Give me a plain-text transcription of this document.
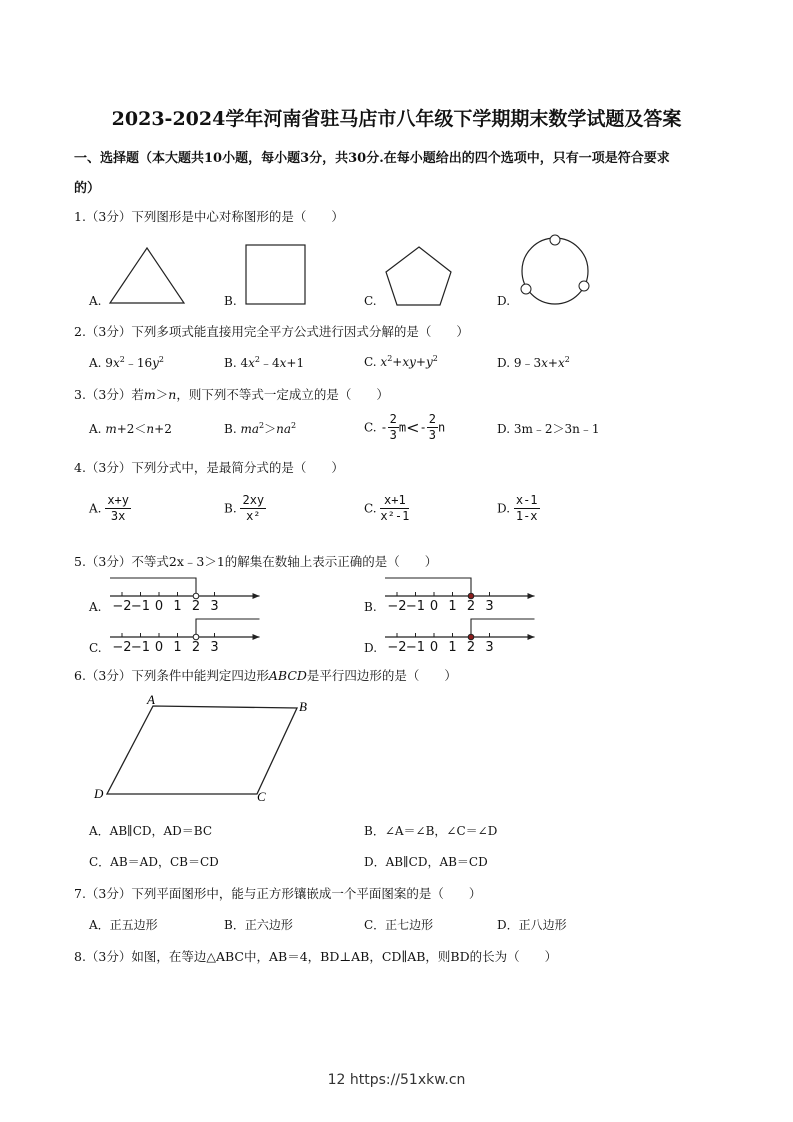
2023-2024学年河南省驻马店市八年级下学期期末数学试题及答案
一、选择题（本大题共10小题，每小题3分，共30分.在每小题给出的四个选项中，只有一项是符合要求
的）
1.（3分）下列图形是中心对称图形的是（　　）
A.	B.	C.	D.
2.（3分）下列多项式能直接用完全平方公式进行因式分解的是（　　）
A. $9x^2﹣16y^2$	B. $4x^2﹣4x+1$	C. $x^2+xy+y^2$	D. $9﹣3x+x^2$
3.（3分）若m＞n，则下列不等式一定成立的是（　　）
A. m+2＜n+2	B. $ma^2>na^2$	C. - $\frac{2}{3} m<- \frac{2}{3}$ n	D. 3m﹣2＞3n﹣1
4.（3分）下列分式中，是最简分式的是（　　）
A. $\frac{x+y}{3x}$	B. $\frac{2xy}{\text{x²}}$	C. $\frac{x+1}{\text{x²-1}}$	D. $\frac{x-1}{1-x}$
5.（3分）不等式2x﹣3＞1的解集在数轴上表示正确的是（　　）
A.	B.
C.	D.
−2 −1 0 1 2 3	−2 −1 0 1 2 3
−2 −1 0 1 2 3	−2 −1 0 1 2 3
6.（3分）下列条件中能判定四边形ABCD是平行四边形的是（　　）
A	B
C
D
A．AB∥CD，AD＝BC	B．∠A＝∠B，∠C＝∠D
C．AB＝AD，CB＝CD	D．AB∥CD，AB＝CD
7.（3分）下列平面图形中，能与正方形镶嵌成一个平面图案的是（　　）
A．正五边形	B．正六边形	C．正七边形	D．正八边形
8.（3分）如图，在等边△ABC中，AB＝4，BD⊥AB，CD∥AB，则BD的长为（　　）
12 https://51xkw.cn
